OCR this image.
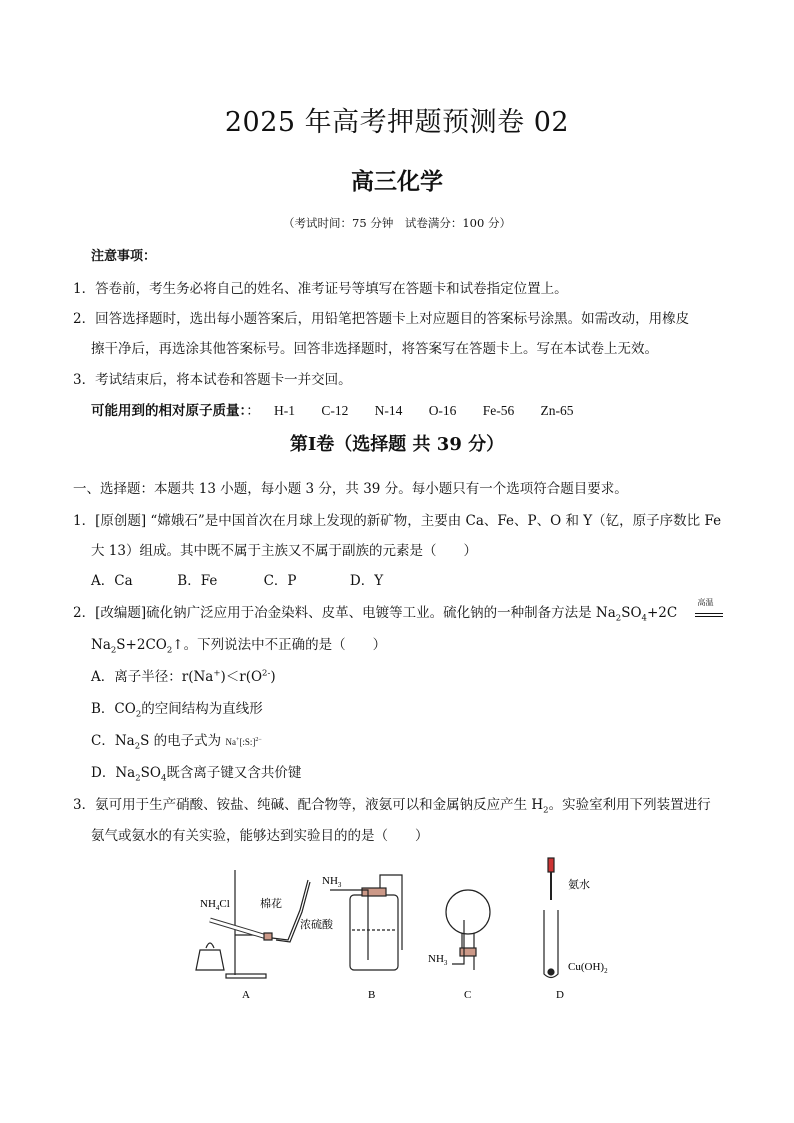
2025 年高考押题预测卷 02
高三化学
（考试时间：75 分钟　试卷满分：100 分）
注意事项：
1．答卷前，考生务必将自己的姓名、准考证号等填写在答题卡和试卷指定位置上。
2．回答选择题时，选出每小题答案后，用铅笔把答题卡上对应题目的答案标号涂黑。如需改动，用橡皮
擦干净后，再选涂其他答案标号。回答非选择题时，将答案写在答题卡上。写在本试卷上无效。
3．考试结束后，将本试卷和答题卡一并交回。
可能用到的相对原子质量：： H-1 C-12 N-14 O-16 Fe-56 Zn-65
第Ⅰ卷（选择题 共 39 分）
一、选择题：本题共 13 小题，每小题 3 分，共 39 分。每小题只有一个选项符合题目要求。
1．[原创题] “嫦娥石”是中国首次在月球上发现的新矿物，主要由 Ca、Fe、P、O 和 Y（钇，原子序数比 Fe
大 13）组成。其中既不属于主族又不属于副族的元素是（　　）
A．Ca	B．Fe	C．P	D．Y
2．[改编题]硫化钠广泛应用于冶金染料、皮革、电镀等工业。硫化钠的一种制备方法是 $Na_2SO_4+2C$
高温
$Na_2S+2CO_2↑$。下列说法中不正确的是（　　）
A．离子半径：$r(Na^+)<r(O^{2-})$
B．$CO_2$的空间结构为直线形
C．$Na_2S$ 的电子式为 Na+[:S:]$^{2-}$
D．$Na_2SO_4$既含离子键又含共价键
3．氨可用于生产硝酸、铵盐、纯碱、配合物等，液氨可以和金属钠反应产生 $H_2$。实验室利用下列装置进行
氨气或氨水的有关实验，能够达到实验目的的是（　　）
$NH_4Cl$	棉花
A
$NH_3$
浓硫酸
B
$NH_3$
C
氨水
$Cu(OH)_2$
D
